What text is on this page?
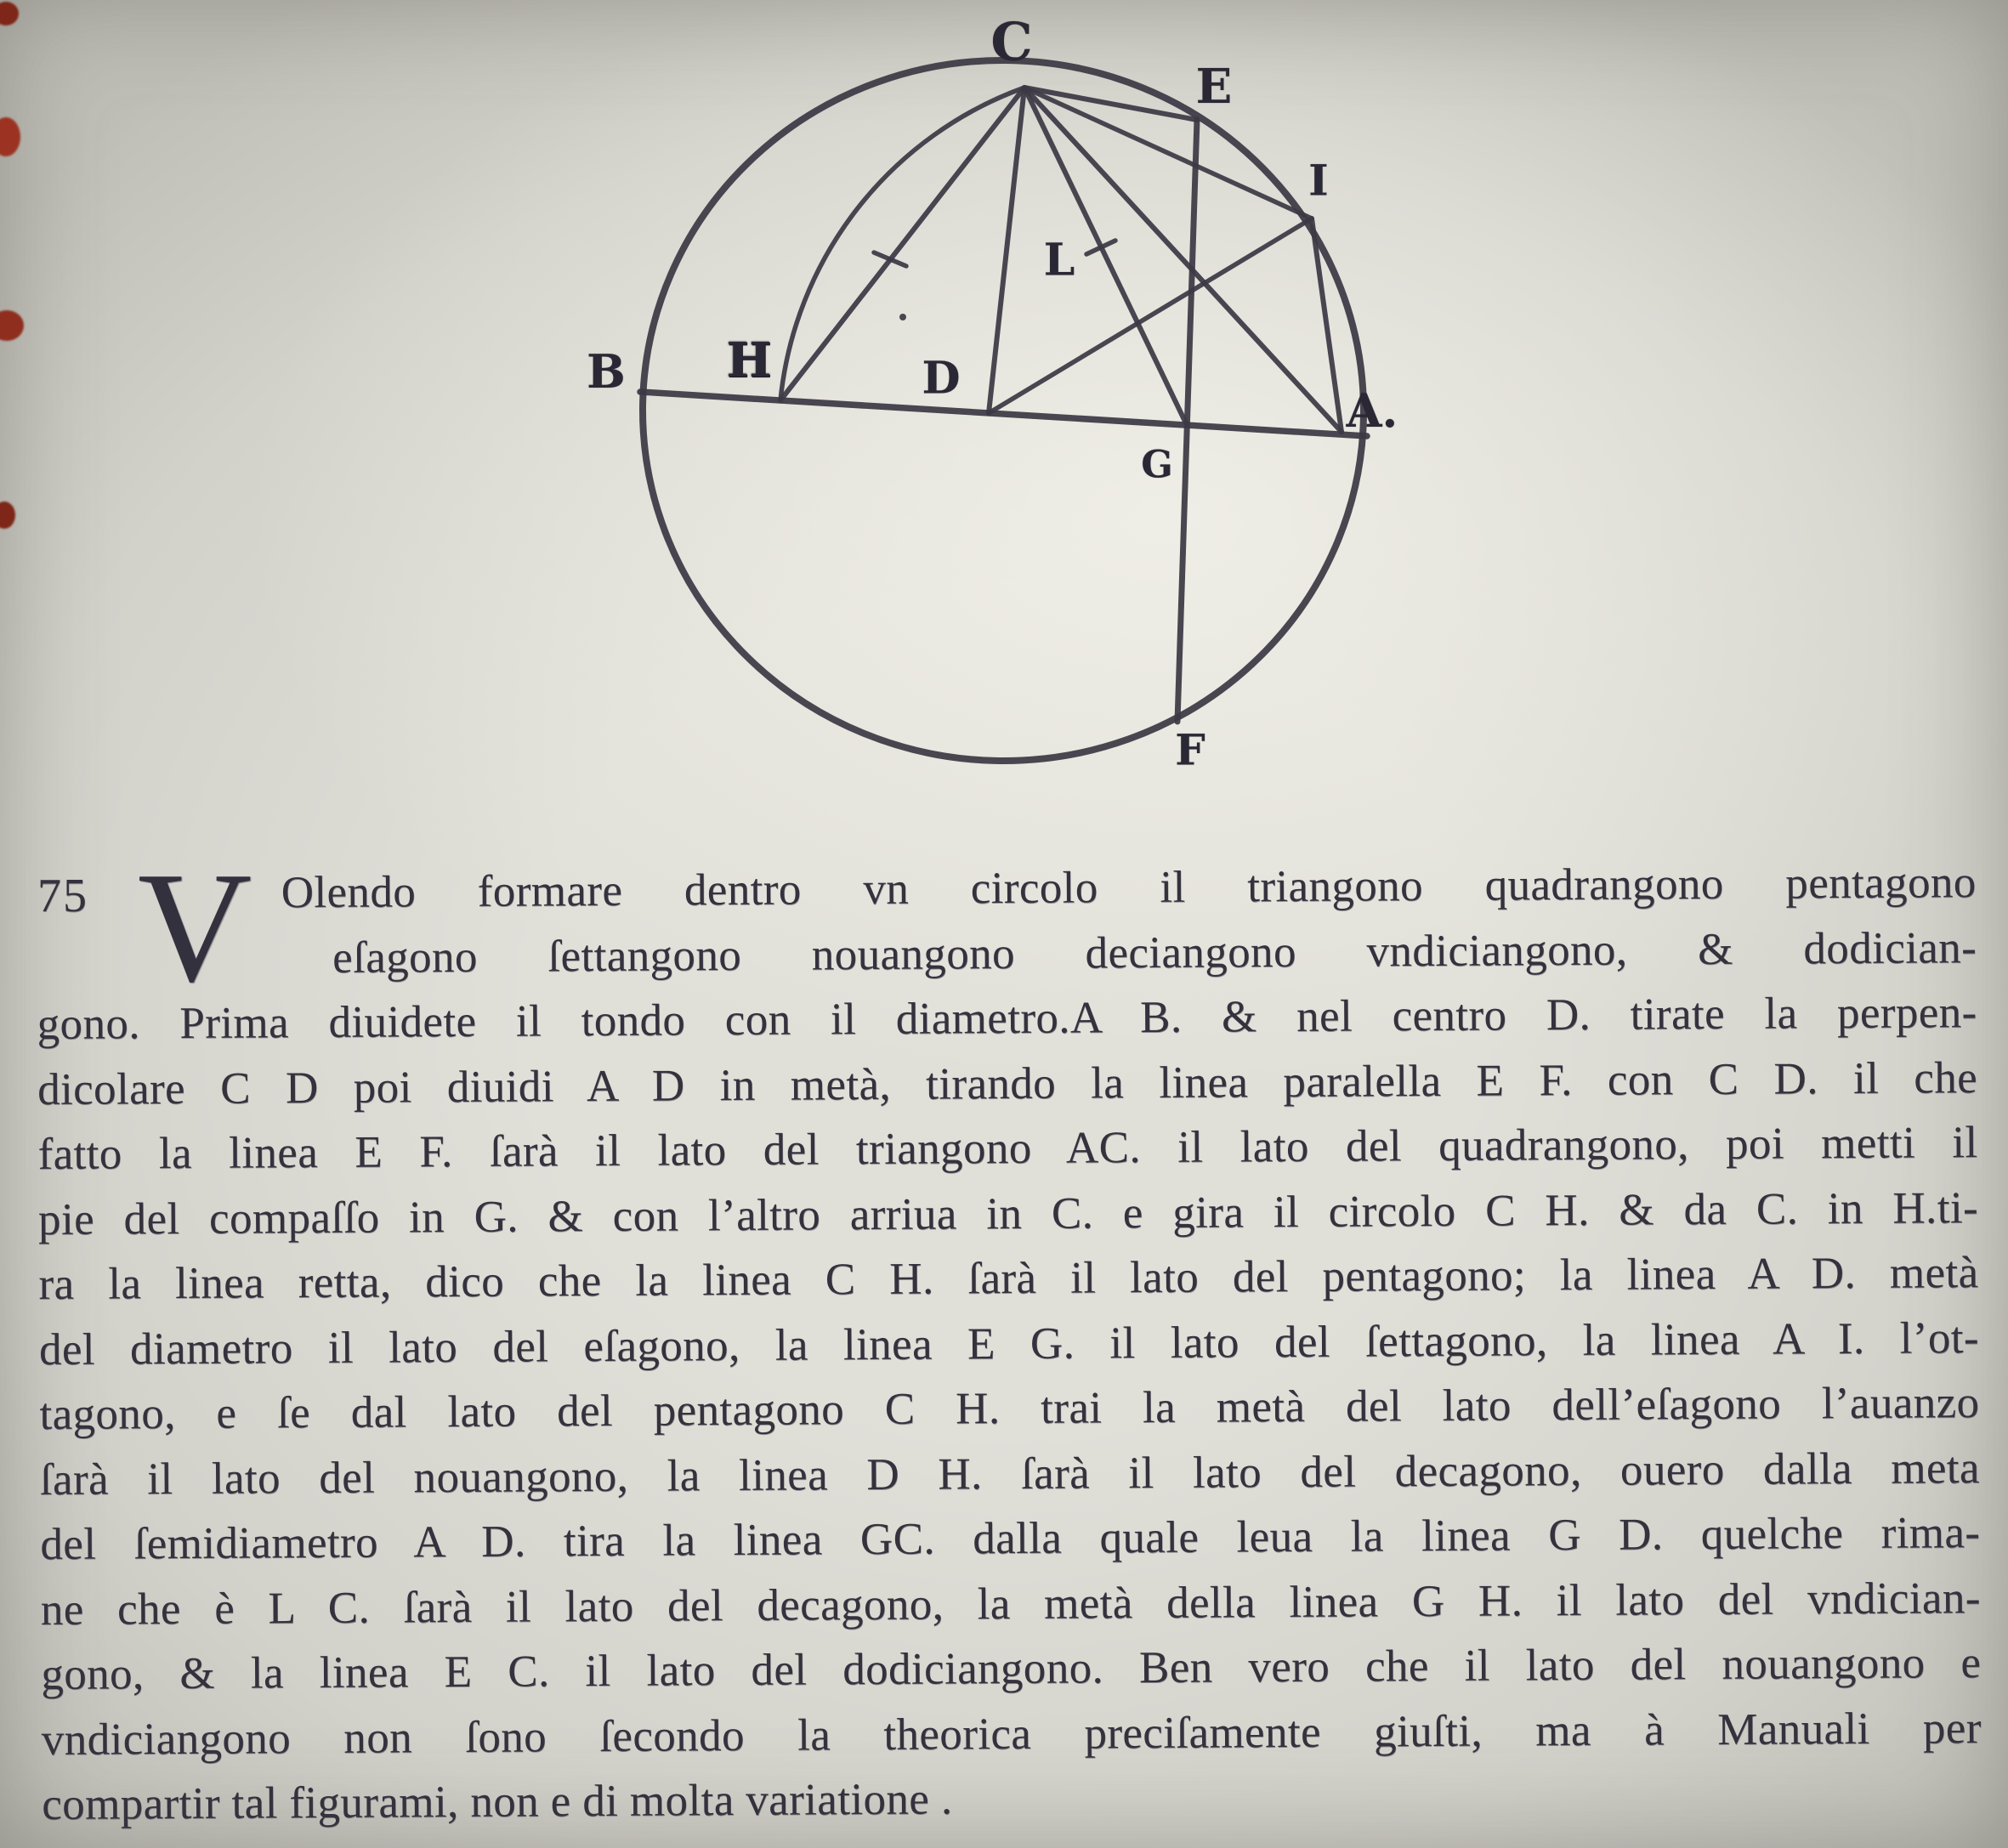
C
E
I
B H	D
L
G
A.
F
75 V Olendo formare dentro vn circolo il triangono quadrangono pentagono
eſagono ſettangono nouangono deciangono vndiciangono, & dodician-
gono. Prima diuidete il tondo con il diametro.A B. & nel centro D. tirate la perpen-
dicolare C D poi diuidi A D in metà, tirando la linea paralella E F. con C D. il che
fatto la linea E F. ſarà il lato del triangono AC. il lato del quadrangono, poi metti il
pie del compaſſo in G. & con l’altro arriua in C. e gira il circolo C H. & da C. in H.ti-
ra la linea retta, dico che la linea C H. ſarà il lato del pentagono; la linea A D. metà
del diametro il lato del eſagono, la linea E G. il lato del ſettagono, la linea A I. l’ot-
tagono, e ſe dal lato del pentagono C H. trai la metà del lato dell’eſagono l’auanzo
ſarà il lato del nouangono, la linea D H. ſarà il lato del decagono, ouero dalla meta
del ſemidiametro A D. tira la linea GC. dalla quale leua la linea G D. quelche rima-
ne che è L C. ſarà il lato del decagono, la metà della linea G H. il lato del vndician-
gono, & la linea E C. il lato del dodiciangono. Ben vero che il lato del nouangono e
vndiciangono non ſono ſecondo la theorica preciſamente giuſti, ma à Manuali per
compartir tal figurami, non e di molta variatione .
